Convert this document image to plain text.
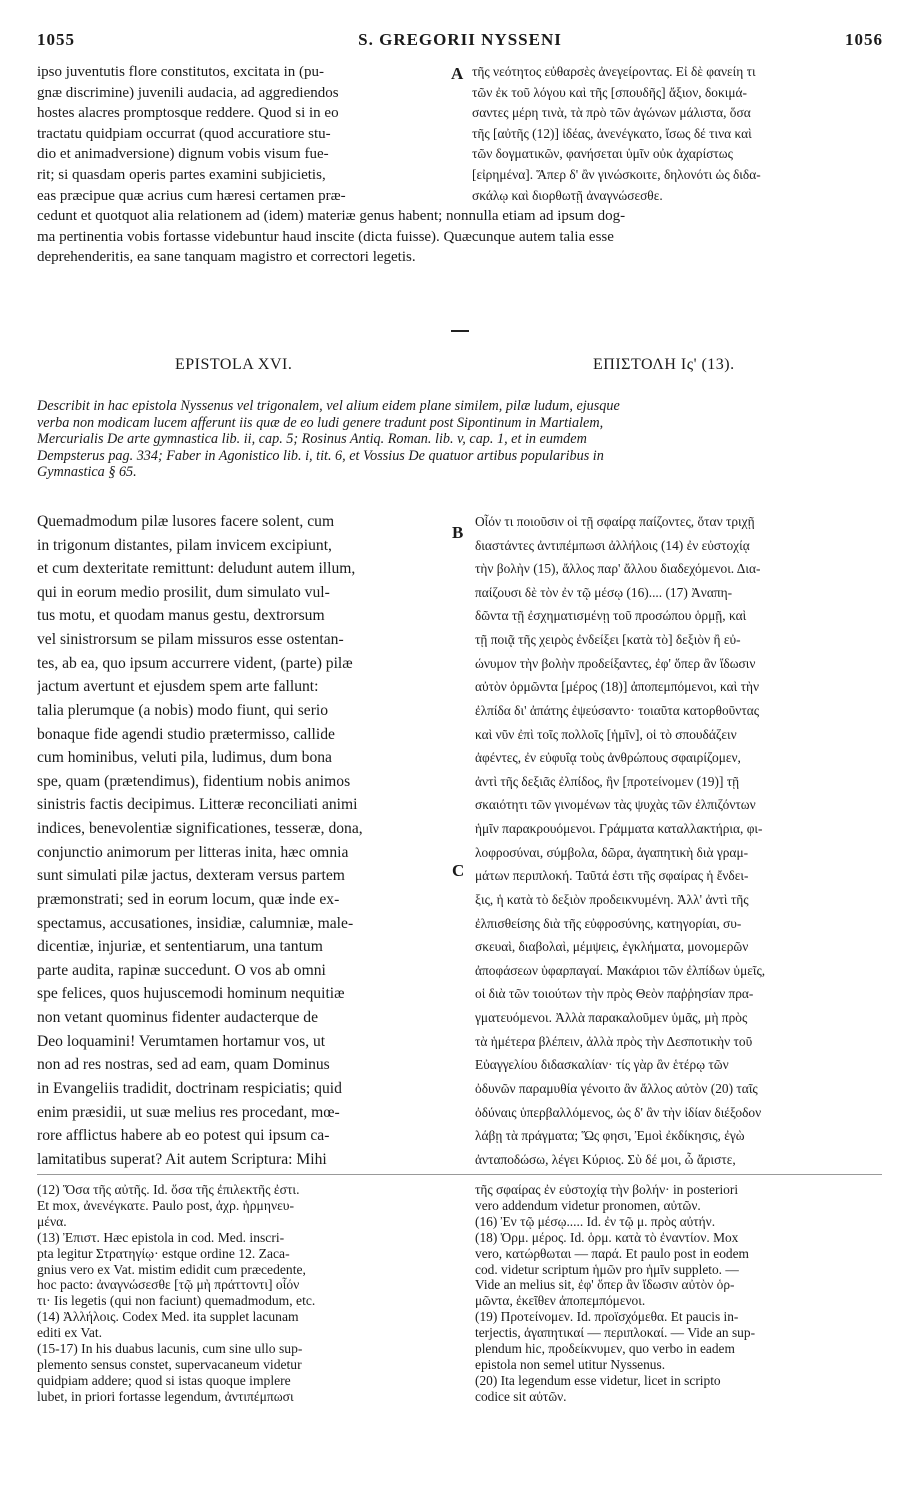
1055	S. GREGORII NYSSENI	1056
ipso juventutis flore constitutos, excitata in (pu-
gnæ discrimine) juvenili audacia, ad aggrediendos
hostes alacres promptosque reddere. Quod si in eo
tractatu quidpiam occurrat (quod accuratiore stu-
dio et animadversione) dignum vobis visum fue-
rit; si quasdam operis partes examini subjicietis,
eas præcipue quæ acrius cum hæresi certamen præ-
τῆς νεότητος εὐθαρσὲς ἀνεγείροντας. Εἰ δὲ φανείη τι
τῶν ἐκ τοῦ λόγου καὶ τῆς [σπουδῆς] ἄξιον, δοκιμά-
σαντες μέρη τινὰ, τὰ πρὸ τῶν ἀγώνων μάλιστα, ὅσα
τῆς [αὐτῆς (12)] ἰδέας, ἀνενέγκατο, ἴσως δέ τινα καὶ
τῶν δογματικῶν, φανήσεται ὑμῖν οὐκ ἀχαρίστως
[εἰρημένα]. Ἅπερ δ' ἂν γινώσκοιτε, δηλονότι ὡς διδα-
σκάλῳ καὶ διορθωτῇ ἀναγνώσεσθε.
A
cedunt et quotquot alia relationem ad (idem) materiæ genus habent; nonnulla etiam ad ipsum dog-
ma pertinentia vobis fortasse videbuntur haud inscite (dicta fuisse). Quæcunque autem talia esse
deprehenderitis, ea sane tanquam magistro et correctori legetis.
EPISTOLA XVI.	ΕΠΙΣΤΟΛΗ Ις' (13).
Describit in hac epistola Nyssenus vel trigonalem, vel alium eidem plane similem, pilæ ludum, ejusque
verba non modicam lucem afferunt iis quæ de eo ludi genere tradunt post Sipontinum in Martialem,
Mercurialis De arte gymnastica lib. ii, cap. 5; Rosinus Antiq. Roman. lib. v, cap. 1, et in eumdem
Dempsterus pag. 334; Faber in Agonistico lib. i, tit. 6, et Vossius De quatuor artibus popularibus in
Gymnastica § 65.
Quemadmodum pilæ lusores facere solent, cum
in trigonum distantes, pilam invicem excipiunt,
et cum dexteritate remittunt: deludunt autem illum,
qui in eorum medio prosilit, dum simulato vul-
tus motu, et quodam manus gestu, dextrorsum
vel sinistrorsum se pilam missuros esse ostentan-
tes, ab ea, quo ipsum accurrere vident, (parte) pilæ
jactum avertunt et ejusdem spem arte fallunt:
talia plerumque (a nobis) modo fiunt, qui serio
bonaque fide agendi studio prætermisso, callide
cum hominibus, veluti pila, ludimus, dum bona
spe, quam (prætendimus), fidentium nobis animos
sinistris factis decipimus. Litteræ reconciliati animi
indices, benevolentiæ significationes, tesseræ, dona,
conjunctio animorum per litteras inita, hæc omnia
sunt simulati pilæ jactus, dexteram versus partem
præmonstrati; sed in eorum locum, quæ inde ex-
spectamus, accusationes, insidiæ, calumniæ, male-
dicentiæ, injuriæ, et sententiarum, una tantum
parte audita, rapinæ succedunt. O vos ab omni
spe felices, quos hujuscemodi hominum nequitiæ
non vetant quominus fidenter audacterque de
Deo loquamini! Verumtamen hortamur vos, ut
non ad res nostras, sed ad eam, quam Dominus
in Evangeliis tradidit, doctrinam respiciatis; quid
enim præsidii, ut suæ melius res procedant, mœ-
rore afflictus habere ab eo potest qui ipsum ca-
lamitatibus superat? Ait autem Scriptura: Mihi
Οἷόν τι ποιοῦσιν οἱ τῇ σφαίρᾳ παίζοντες, ὅταν τριχῇ
διαστάντες ἀντιπέμπωσι ἀλλήλοις (14) ἐν εὐστοχίᾳ
τὴν βολὴν (15), ἄλλος παρ' ἄλλου διαδεχόμενοι. Δια-
παίζουσι δὲ τὸν ἐν τῷ μέσῳ (16).... (17) Ἀναπη-
δῶντα τῇ ἐσχηματισμένῃ τοῦ προσώπου ὁρμῇ, καὶ
τῇ ποιᾷ τῆς χειρὸς ἐνδείξει [κατὰ τὸ] δεξιὸν ἢ εὐ-
ώνυμον τὴν βολὴν προδείξαντες, ἐφ' ὅπερ ἂν ἴδωσιν
αὐτὸν ὁρμῶντα [μέρος (18)] ἀποπεμπόμενοι, καὶ τὴν
ἐλπίδα δι' ἀπάτης ἐψεύσαντο· τοιαῦτα κατορθοῦντας
καὶ νῦν ἐπὶ τοῖς πολλοῖς [ἡμῖν], οἱ τὸ σπουδάζειν
ἀφέντες, ἐν εὐφυΐᾳ τοὺς ἀνθρώπους σφαιρίζομεν,
ἀντὶ τῆς δεξιᾶς ἐλπίδος, ἣν [προτείνομεν (19)] τῇ
σκαιότητι τῶν γινομένων τὰς ψυχὰς τῶν ἐλπιζόντων
ἡμῖν παρακρουόμενοι. Γράμματα καταλλακτήρια, φι-
λοφροσύναι, σύμβολα, δῶρα, ἀγαπητικὴ διὰ γραμ-
μάτων περιπλοκή. Ταῦτά ἐστι τῆς σφαίρας ἡ ἔνδει-
ξις, ἡ κατὰ τὸ δεξιὸν προδεικνυμένη. Ἀλλ' ἀντὶ τῆς
ἐλπισθείσης διὰ τῆς εὐφροσύνης, κατηγορίαι, συ-
σκευαὶ, διαβολαὶ, μέμψεις, ἐγκλήματα, μονομερῶν
ἀποφάσεων ὑφαρπαγαί. Μακάριοι τῶν ἐλπίδων ὑμεῖς,
οἱ διὰ τῶν τοιούτων τὴν πρὸς Θεὸν παῤῥησίαν πρα-
γματευόμενοι. Ἀλλὰ παρακαλοῦμεν ὑμᾶς, μὴ πρὸς
τὰ ἡμέτερα βλέπειν, ἀλλὰ πρὸς τὴν Δεσποτικὴν τοῦ
Εὐαγγελίου διδασκαλίαν· τίς γὰρ ἂν ἑτέρῳ τῶν
ὀδυνῶν παραμυθία γένοιτο ἂν ἄλλος αὐτὸν (20) ταῖς
ὀδύναις ὑπερβαλλόμενος, ὡς δ' ἂν τὴν ἰδίαν διέξοδον
λάβῃ τὰ πράγματα; Ὥς φησι, Ἐμοὶ ἐκδίκησις, ἐγὼ
ἀνταποδώσω, λέγει Κύριος. Σὺ δέ μοι, ὦ ἄριστε,
B
C
(12) Ὅσα τῆς αὐτῆς. Id. ὅσα τῆς ἐπιλεκτῆς ἐστι.
Et mox, ἀνενέγκατε. Paulo post, ἀχρ. ἡρμηνευ-
μένα.
(13) Ἐπιστ. Hæc epistola in cod. Med. inscri-
pta legitur Στρατηγίῳ· estque ordine 12. Zaca-
gnius vero ex Vat. mistim edidit cum præcedente,
hoc pacto: ἀναγνώσεσθε [τῷ μὴ πράττοντι] οἷόν
τι· Iis legetis (qui non faciunt) quemadmodum, etc.
(14) Ἀλλήλοις. Codex Med. ita supplet lacunam
editi ex Vat.
(15-17) In his duabus lacunis, cum sine ullo sup-
plemento sensus constet, supervacaneum videtur
quidpiam addere; quod si istas quoque implere
lubet, in priori fortasse legendum, ἀντιπέμπωσι
τῆς σφαίρας ἐν εὐστοχίᾳ τὴν βολήν· in posteriori
vero addendum videtur pronomen, αὐτῶν.
(16) Ἐν τῷ μέσῳ..... Id. ἐν τῷ μ. πρὸς αὐτήν.
(18) Ὁρμ. μέρος. Id. ὁρμ. κατὰ τὸ ἐναντίον. Mox
vero, κατώρθωται — παρά. Et paulo post in eodem
cod. videtur scriptum ἡμῶν pro ἡμῖν suppleto. —
Vide an melius sit, ἐφ' ὅπερ ἂν ἴδωσιν αὐτὸν ὁρ-
μῶντα, ἐκεῖθεν ἀποπεμπόμενοι.
(19) Προτείνομεν. Id. προϊσχόμεθα. Et paucis in-
terjectis, ἀγαπητικαί — περιπλοκαί. — Vide an sup-
plendum hic, προδείκνυμεν, quo verbo in eadem
epistola non semel utitur Nyssenus.
(20) Ita legendum esse videtur, licet in scripto
codice sit αὐτῶν.
